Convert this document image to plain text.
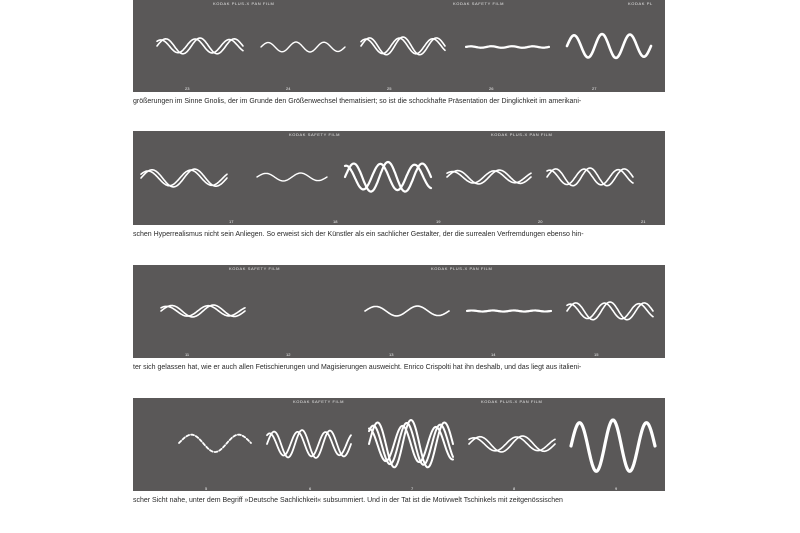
KODAK PLUS-X PAN FILM	KODAK SAFETY FILM	KODAK PL
23	24	25	26	27
größerungen im Sinne Gnolis, der im Grunde den Größenwechsel thematisiert; so ist die schockhafte Präsentation der Dinglichkeit im amerikani-
KODAK SAFETY FILM	KODAK PLUS-X PAN FILM
17	18	19	20	21
schen Hyperrealismus nicht sein Anliegen. So erweist sich der Künstler als ein sachlicher Gestalter, der die surrealen Verfremdungen ebenso hin-
KODAK SAFETY FILM	KODAK PLUS-X PAN FILM
11	12	13	14	15
ter sich gelassen hat, wie er auch allen Fetischierungen und Magisierungen ausweicht. Enrico Crispolti hat ihn deshalb, und das liegt aus italieni-
KODAK SAFETY FILM	KODAK PLUS-X PAN FILM
5	6	7	8	9
scher Sicht nahe, unter dem Begriff »Deutsche Sachlichkeit« subsummiert. Und in der Tat ist die Motivwelt Tschinkels mit zeitgenössischen
